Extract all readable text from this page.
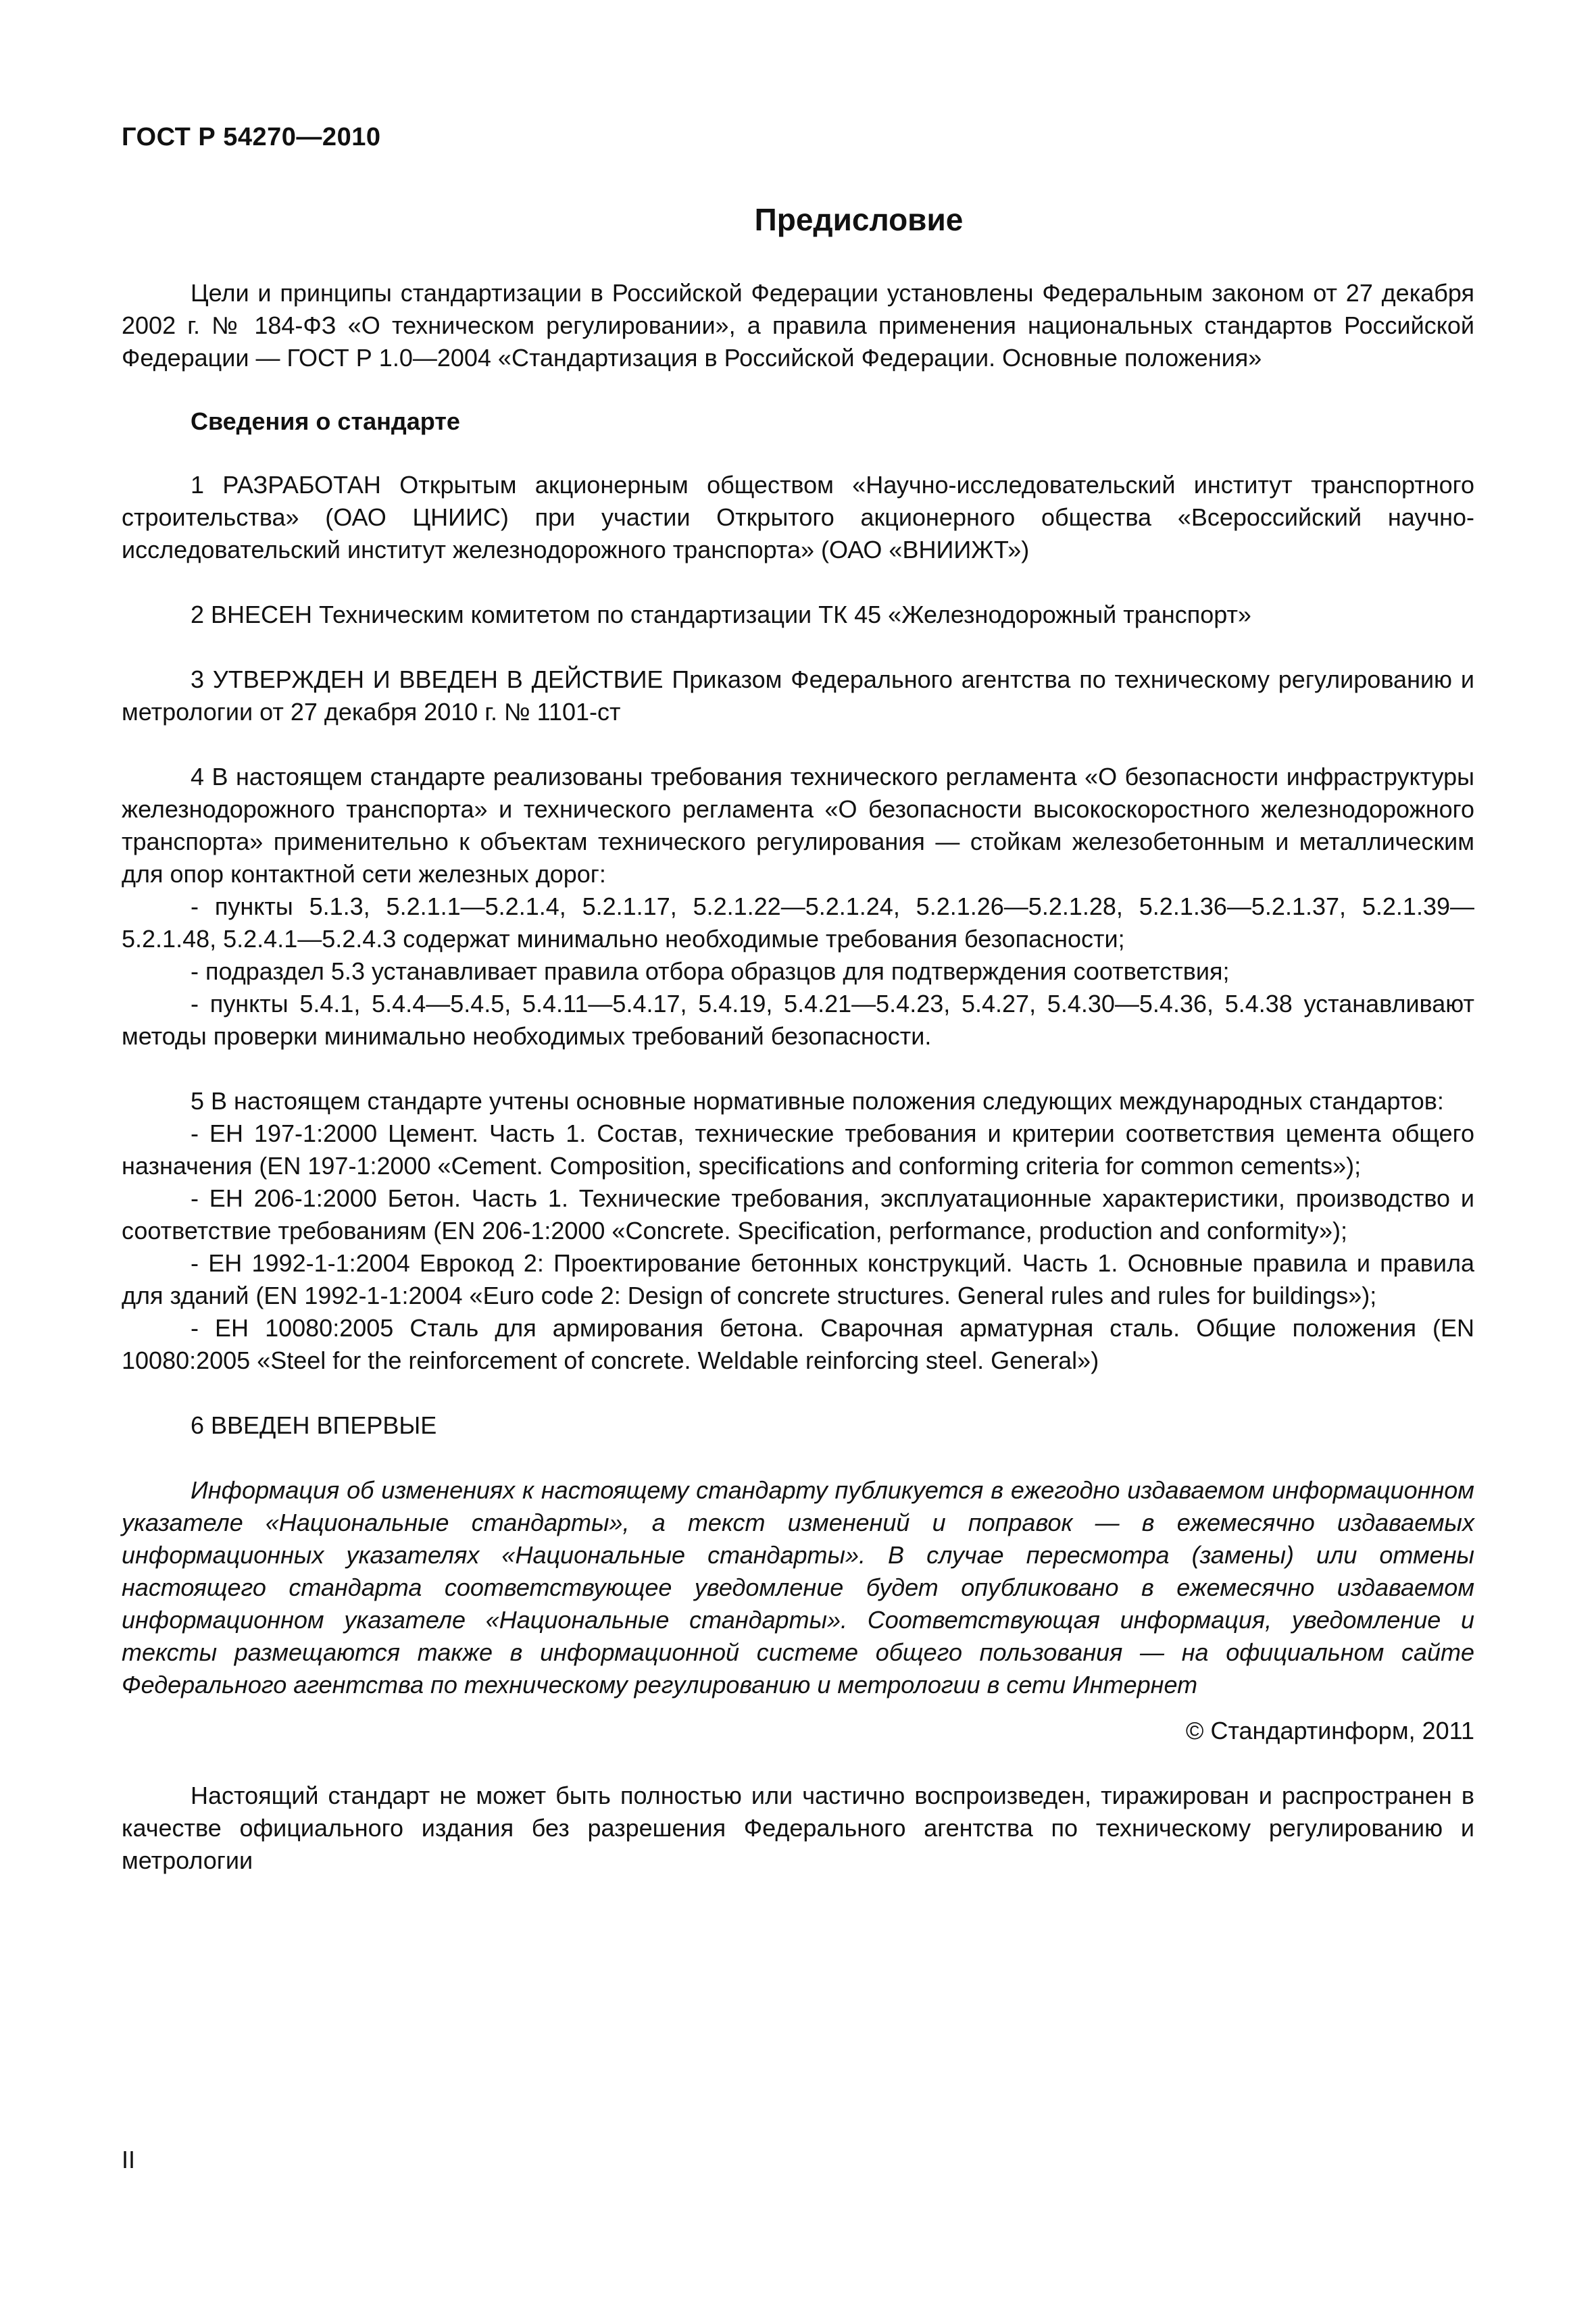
ГОСТ Р 54270—2010
Предисловие

Цели и принципы стандартизации в Российской Федерации установлены Федеральным законом от 27 декабря 2002 г. № 184-ФЗ «О техническом регулировании», а правила применения национальных стандартов Российской Федерации — ГОСТ Р 1.0—2004 «Стандартизация в Российской Федерации. Основные положения»

Сведения о стандарте

1 РАЗРАБОТАН Открытым акционерным обществом «Научно-исследовательский институт транспортного строительства» (ОАО ЦНИИС) при участии Открытого акционерного общества «Всероссийский научно-исследовательский институт железнодорожного транспорта» (ОАО «ВНИИЖТ»)

2 ВНЕСЕН Техническим комитетом по стандартизации ТК 45 «Железнодорожный транспорт»

3 УТВЕРЖДЕН И ВВЕДЕН В ДЕЙСТВИЕ Приказом Федерального агентства по техническому регулированию и метрологии от 27 декабря 2010 г. № 1101-ст

4 В настоящем стандарте реализованы требования технического регламента «О безопасности инфраструктуры железнодорожного транспорта» и технического регламента «О безопасности высокоскоростного железнодорожного транспорта» применительно к объектам технического регулирования — стойкам железобетонным и металлическим для опор контактной сети железных дорог:

- пункты 5.1.3, 5.2.1.1—5.2.1.4, 5.2.1.17, 5.2.1.22—5.2.1.24, 5.2.1.26—5.2.1.28, 5.2.1.36—5.2.1.37, 5.2.1.39—5.2.1.48, 5.2.4.1—5.2.4.3 содержат минимально необходимые требования безопасности;

- подраздел 5.3 устанавливает правила отбора образцов для подтверждения соответствия;

- пункты 5.4.1, 5.4.4—5.4.5, 5.4.11—5.4.17, 5.4.19, 5.4.21—5.4.23, 5.4.27, 5.4.30—5.4.36, 5.4.38 устанавливают методы проверки минимально необходимых требований безопасности.

5 В настоящем стандарте учтены основные нормативные положения следующих международных стандартов:

- ЕН 197-1:2000 Цемент. Часть 1. Состав, технические требования и критерии соответствия цемента общего назначения (EN 197-1:2000 «Cement. Composition, specifications and conforming criteria for common cements»);

- ЕН 206-1:2000 Бетон. Часть 1. Технические требования, эксплуатационные характеристики, производство и соответствие требованиям (EN 206-1:2000 «Concrete. Specification, performance, production and conformity»);

- ЕН 1992-1-1:2004 Еврокод 2: Проектирование бетонных конструкций. Часть 1. Основные правила и правила для зданий (EN 1992-1-1:2004 «Euro code 2: Design of concrete structures. General rules and rules for buildings»);

- ЕН 10080:2005 Сталь для армирования бетона. Сварочная арматурная сталь. Общие положения (EN 10080:2005 «Steel for the reinforcement of concrete. Weldable reinforcing steel. General»)

6 ВВЕДЕН ВПЕРВЫЕ

Информация об изменениях к настоящему стандарту публикуется в ежегодно издаваемом информационном указателе «Национальные стандарты», а текст изменений и поправок — в ежемесячно издаваемых информационных указателях «Национальные стандарты». В случае пересмотра (замены) или отмены настоящего стандарта соответствующее уведомление будет опубликовано в ежемесячно издаваемом информационном указателе «Национальные стандарты». Соответствующая информация, уведомление и тексты размещаются также в информационной системе общего пользования — на официальном сайте Федерального агентства по техническому регулированию и метрологии в сети Интернет

© Стандартинформ, 2011

Настоящий стандарт не может быть полностью или частично воспроизведен, тиражирован и распространен в качестве официального издания без разрешения Федерального агентства по техническому регулированию и метрологии

II
